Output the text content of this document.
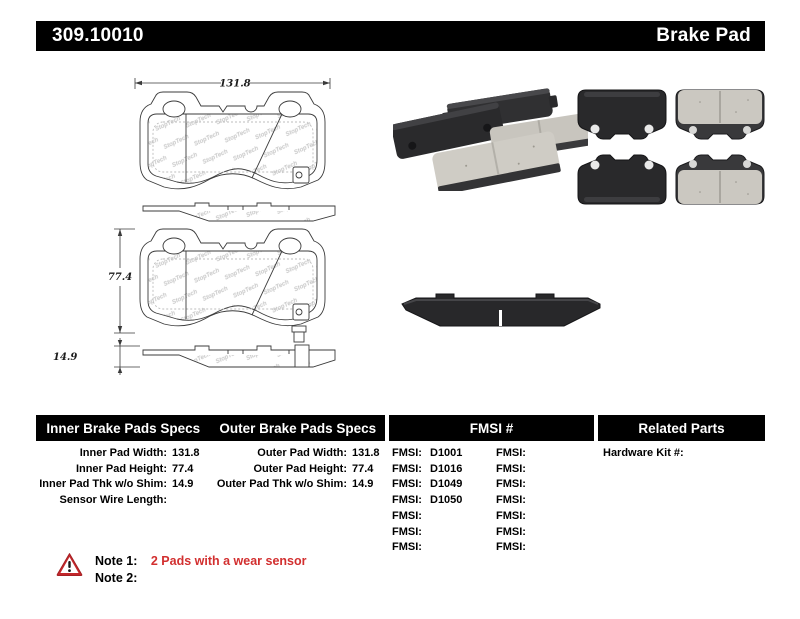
309.10010	Brake Pad
131.8
77.4
14.9
Inner Brake Pads Specs	Outer Brake Pads Specs	FMSI #	Related Parts
Inner Pad Width: 131.8
Inner Pad Height: 77.4
Inner Pad Thk w/o Shim: 14.9
Sensor Wire Length:
Outer Pad Width: 131.8
Outer Pad Height: 77.4
Outer Pad Thk w/o Shim: 14.9
FMSI: D1001
FMSI: D1016
FMSI: D1049
FMSI: D1050
FMSI:
FMSI:
FMSI:
FMSI:
FMSI:
FMSI:
FMSI:
FMSI:
FMSI:
FMSI:
Hardware Kit #:
Note 1: 2 Pads with a wear sensor
Note 2:
